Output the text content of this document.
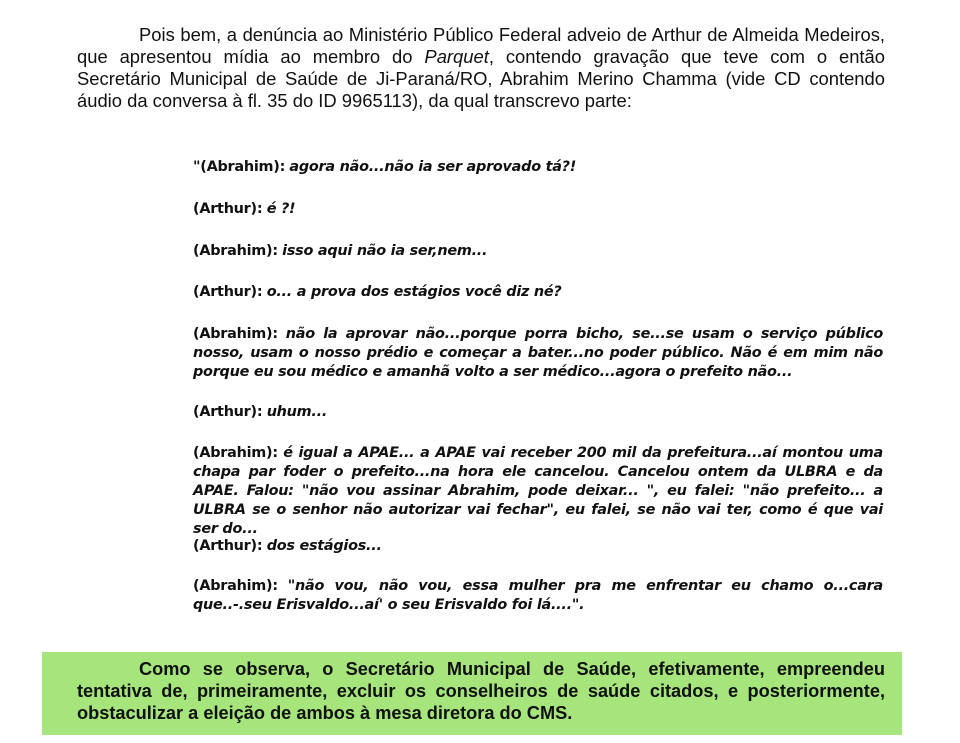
Pois bem, a denúncia ao Ministério Público Federal adveio de Arthur de Almeida Medeiros, que apresentou mídia ao membro do Parquet, contendo gravação que teve com o então Secretário Municipal de Saúde de Ji-Paraná/RO, Abrahim Merino Chamma (vide CD contendo áudio da conversa à fl. 35 do ID 9965113), da qual transcrevo parte:

"(Abrahim): agora não...não ia ser aprovado tá?!

(Arthur): é ?!

(Abrahim): isso aqui não ia ser,nem...

(Arthur): o... a prova dos estágios você diz né?

(Abrahim): não la aprovar não...porque porra bicho, se...se usam o serviço público nosso, usam o nosso prédio e começar a bater...no poder público. Não é em mim não porque eu sou médico e amanhã volto a ser médico...agora o prefeito não...

(Arthur): uhum...

(Abrahim): é igual a APAE... a APAE vai receber 200 mil da prefeitura...aí montou uma chapa par foder o prefeito...na hora ele cancelou. Cancelou ontem da ULBRA e da APAE. Falou: "não vou assinar Abrahim, pode deixar... ", eu falei: "não prefeito... a ULBRA se o senhor não autorizar vai fechar", eu falei, se não vai ter, como é que vai ser do...

(Arthur): dos estágios...

(Abrahim): "não vou, não vou, essa mulher pra me enfrentar eu chamo o...cara que..-.seu Erisvaldo...aí' o seu Erisvaldo foi lá....".

Como se observa, o Secretário Municipal de Saúde, efetivamente, empreendeu tentativa de, primeiramente, excluir os conselheiros de saúde citados, e posteriormente, obstaculizar a eleição de ambos à mesa diretora do CMS.
